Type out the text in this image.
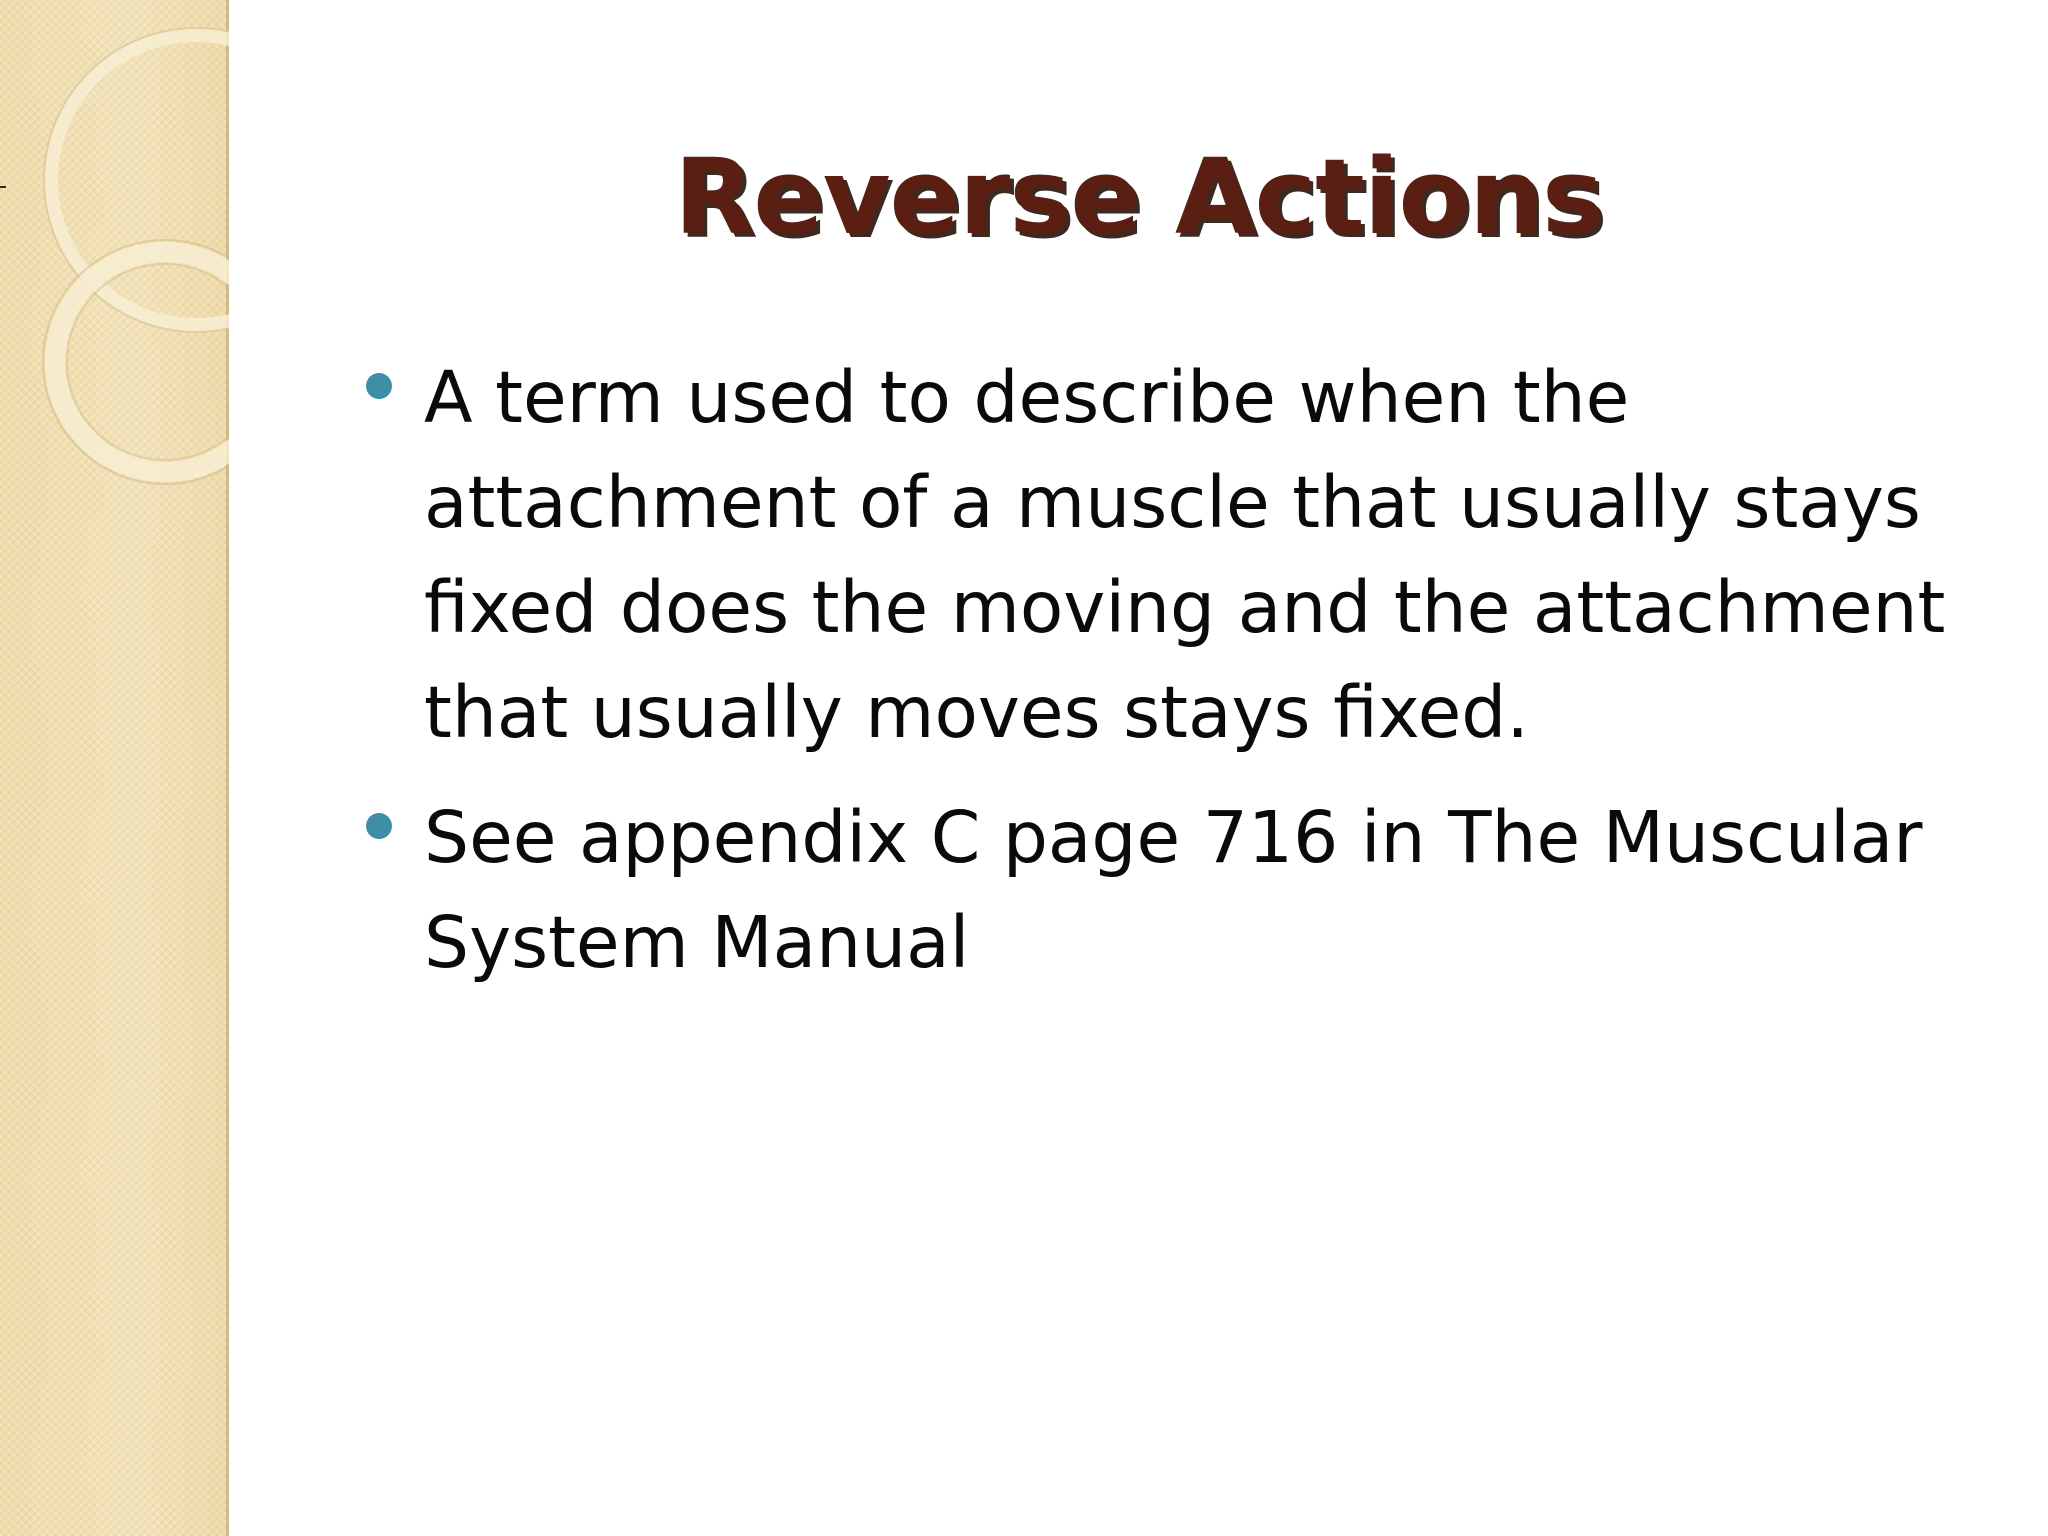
Reverse Actions
A term used to describe when the attachment of a muscle that usually stays fixed does the moving and the attachment that usually moves stays fixed.
See appendix C page 716 in The Muscular System Manual
